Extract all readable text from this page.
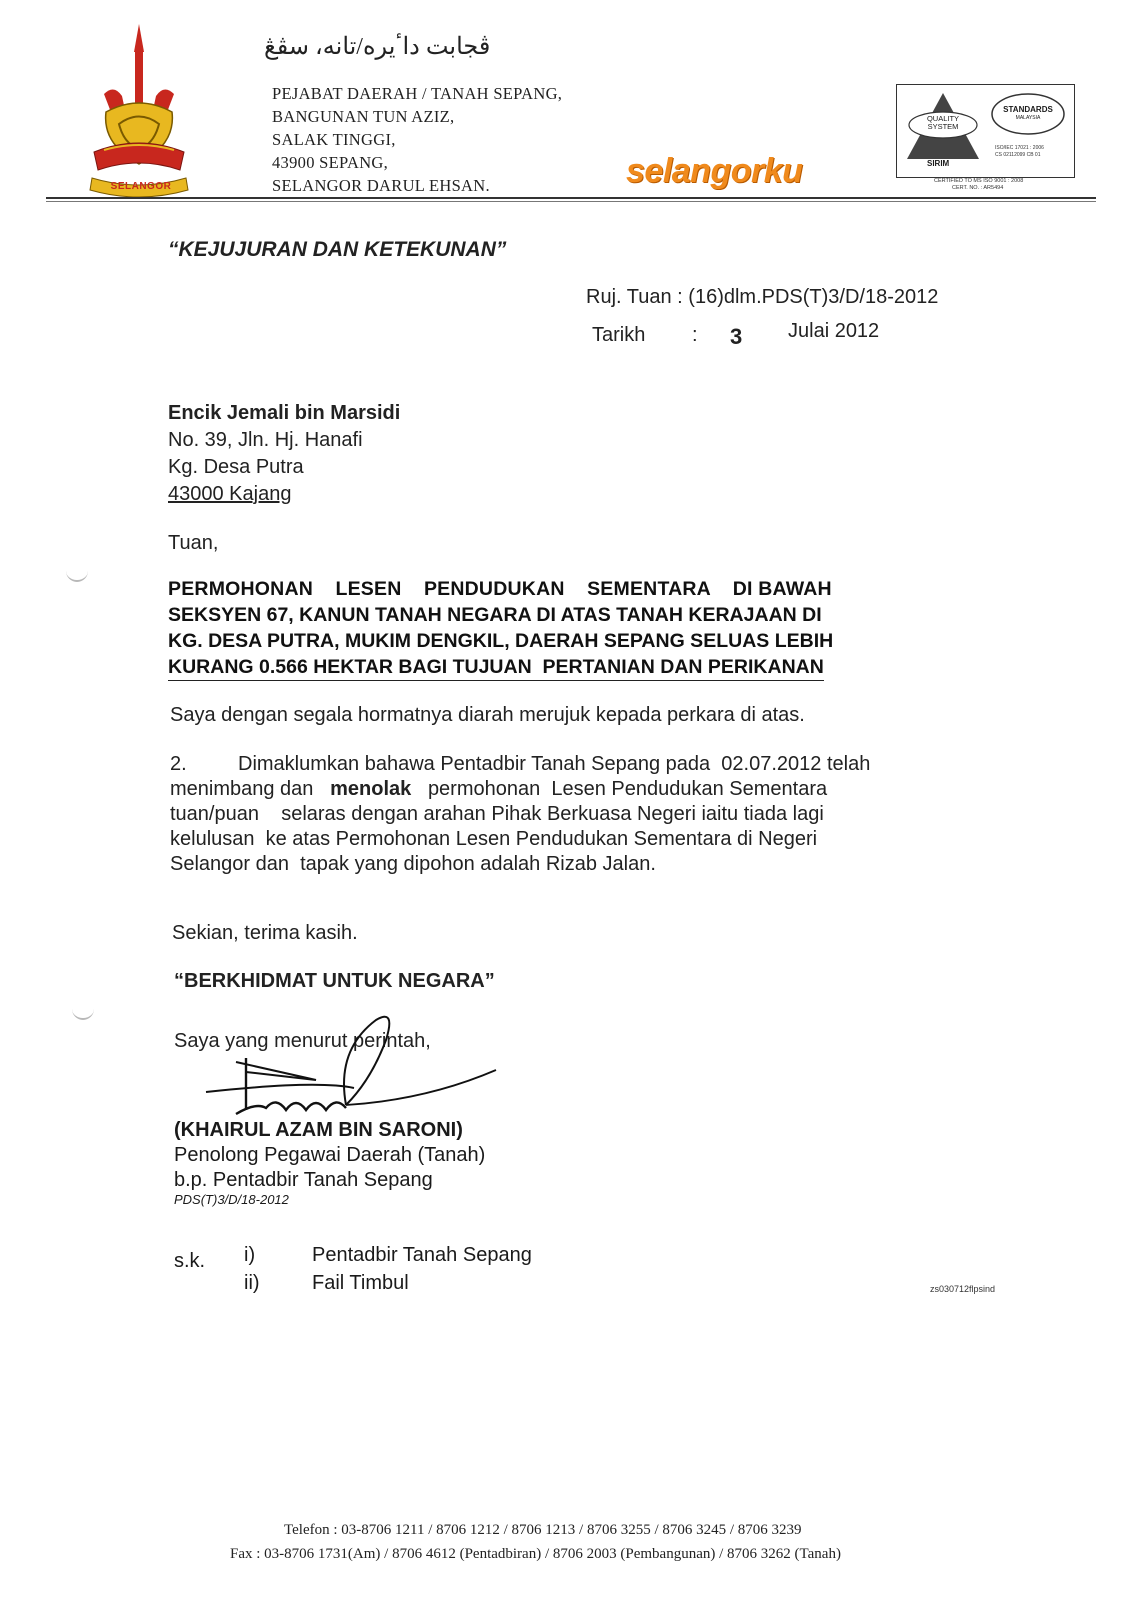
SELANGOR
ڤجابت داٴيره/تانه، سڤڠ
PEJABAT DAERAH / TANAH SEPANG,
BANGUNAN TUN AZIZ,
SALAK TINGGI,
43900 SEPANG,
SELANGOR DARUL EHSAN.	selangorku
QUALITY SYSTEM
STANDARDS
MALAYSIA
ISO/IEC 17021 : 2006
CS 02112099 CB 01
SIRIM
CERTIFIED TO MS ISO 9001 : 2008
CERT. NO. : AR5494
“KEJUJURAN DAN KETEKUNAN”
Ruj. Tuan : (16)dlm.PDS(T)3/D/18-2012
Tarikh : 3 Julai 2012
Encik Jemali bin Marsidi
No. 39, Jln. Hj. Hanafi
Kg. Desa Putra
43000 Kajang
Tuan,
PERMOHONAN    LESEN    PENDUDUKAN    SEMENTARA    DI BAWAH
SEKSYEN 67, KANUN TANAH NEGARA DI ATAS TANAH KERAJAAN DI
KG. DESA PUTRA, MUKIM DENGKIL, DAERAH SEPANG SELUAS LEBIH
KURANG 0.566 HEKTAR BAGI TUJUAN  PERTANIAN DAN PERIKANAN
Saya dengan segala hormatnya diarah merujuk kepada perkara di atas.
2.	Dimaklumkan bahawa Pentadbir Tanah Sepang pada  02.07.2012 telah
menimbang dan menolak permohonan  Lesen Pendudukan Sementara
tuan/puan    selaras dengan arahan Pihak Berkuasa Negeri iaitu tiada lagi
kelulusan  ke atas Permohonan Lesen Pendudukan Sementara di Negeri
Selangor dan  tapak yang dipohon adalah Rizab Jalan.
Sekian, terima kasih.
“BERKHIDMAT UNTUK NEGARA”
Saya yang menurut perintah,
(KHAIRUL AZAM BIN SARONI)
Penolong Pegawai Daerah (Tanah)
b.p. Pentadbir Tanah Sepang
PDS(T)3/D/18-2012
s.k. i)	Pentadbir Tanah Sepang
ii)	Fail Timbul	zs030712flpsind
Telefon : 03-8706 1211 / 8706 1212 / 8706 1213 / 8706 3255 / 8706 3245 / 8706 3239
Fax : 03-8706 1731(Am) / 8706 4612 (Pentadbiran) / 8706 2003 (Pembangunan) / 8706 3262 (Tanah)
